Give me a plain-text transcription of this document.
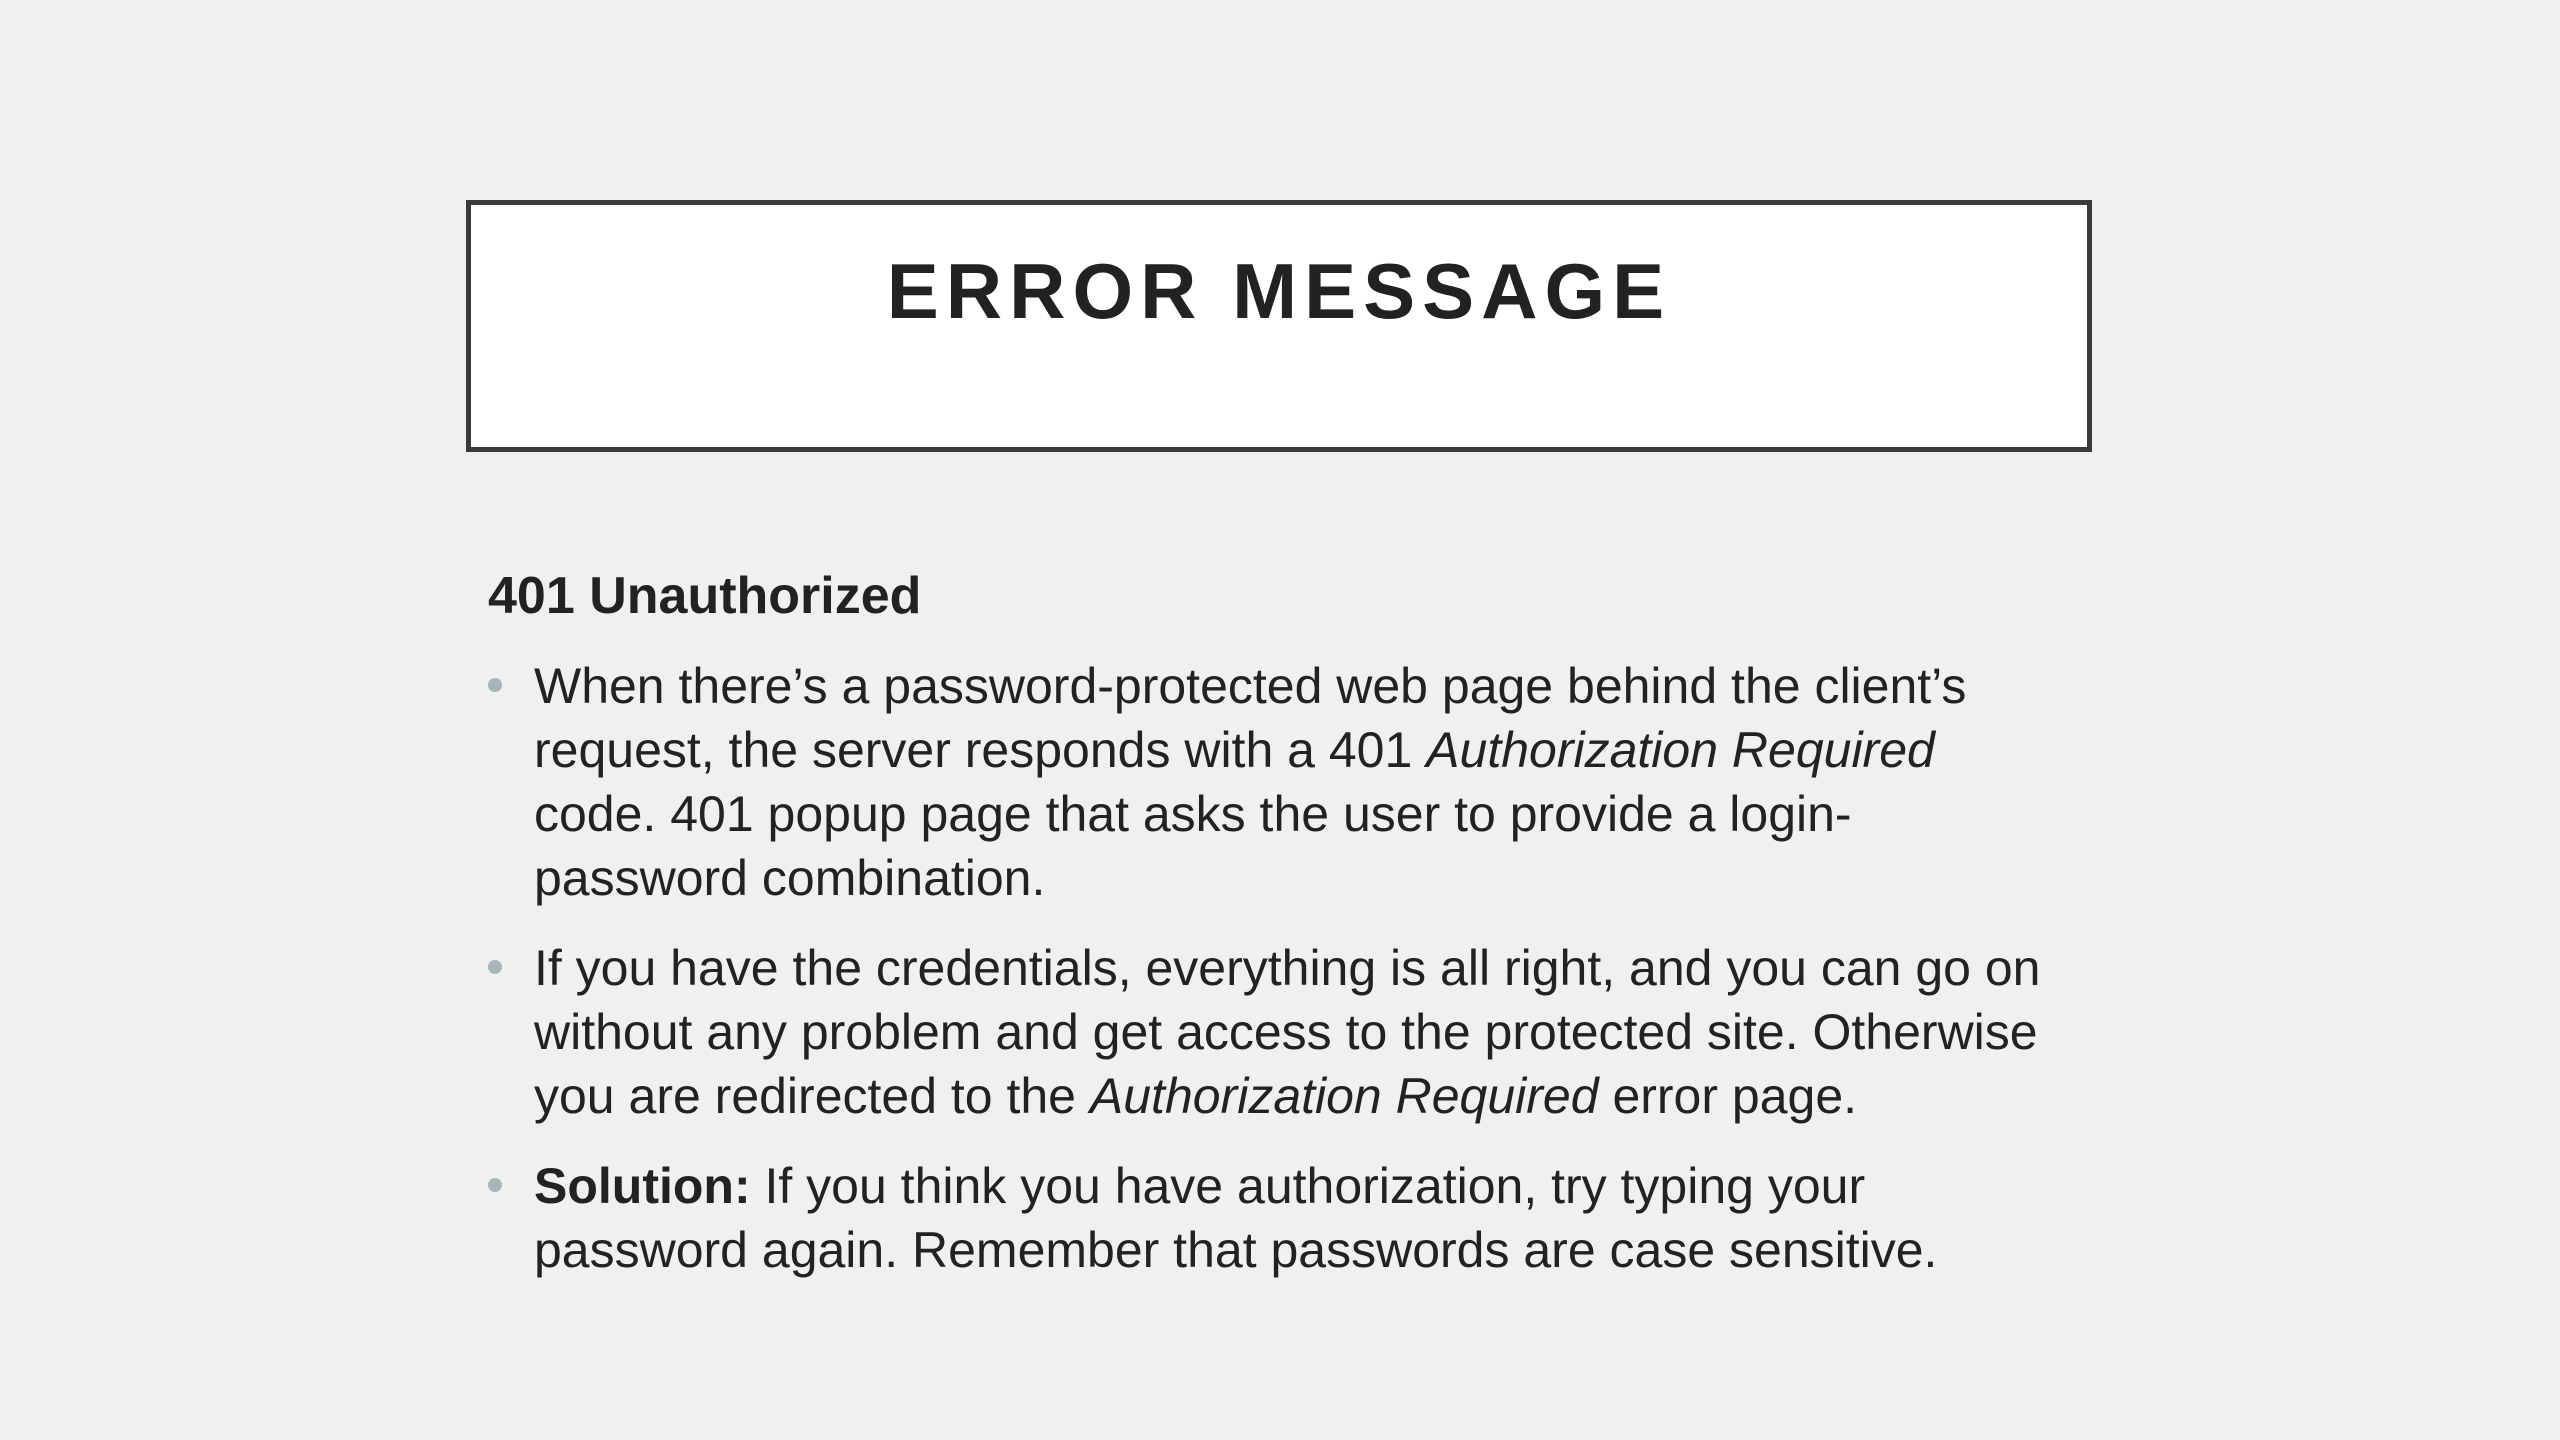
ERROR MESSAGE
401 Unauthorized
When there’s a password-protected web page behind the client’s request, the server responds with a 401 Authorization Required code. 401 popup page that asks the user to provide a login-password combination.
If you have the credentials, everything is all right, and you can go on without any problem and get access to the protected site. Otherwise you are redirected to the Authorization Required error page.
Solution: If you think you have authorization, try typing your password again. Remember that passwords are case sensitive.
